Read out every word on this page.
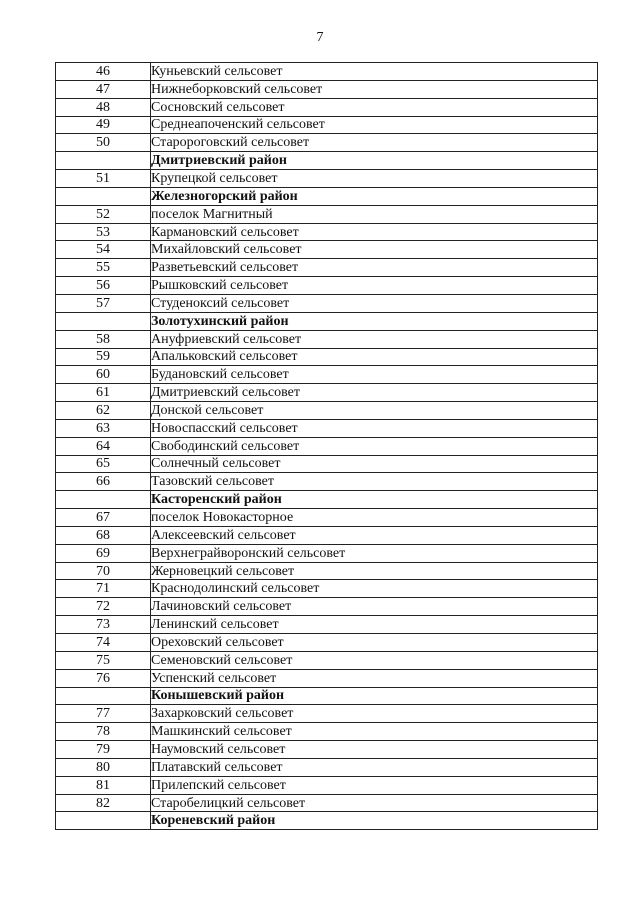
7
46	Куньевский сельсовет
47	Нижнеборковский сельсовет
48	Сосновский сельсовет
49	Среднеапоченский сельсовет
50	Старороговский сельсовет
	Дмитриевский район
51	Крупецкой сельсовет
	Железногорский район
52	поселок Магнитный
53	Кармановский сельсовет
54	Михайловский сельсовет
55	Разветьевский сельсовет
56	Рышковский сельсовет
57	Студеноксий сельсовет
	Золотухинский район
58	Ануфриевский сельсовет
59	Апальковский сельсовет
60	Будановский сельсовет
61	Дмитриевский сельсовет
62	Донской сельсовет
63	Новоспасский сельсовет
64	Свободинский сельсовет
65	Солнечный сельсовет
66	Тазовский сельсовет
	Касторенский район
67	поселок Новокасторное
68	Алексеевский сельсовет
69	Верхнеграйворонский сельсовет
70	Жерновецкий сельсовет
71	Краснодолинский сельсовет
72	Лачиновский сельсовет
73	Ленинский сельсовет
74	Ореховский сельсовет
75	Семеновский сельсовет
76	Успенский сельсовет
	Конышевский район
77	Захарковский сельсовет
78	Машкинский сельсовет
79	Наумовский сельсовет
80	Платавский сельсовет
81	Прилепский сельсовет
82	Старобелицкий сельсовет
	Кореневский район
